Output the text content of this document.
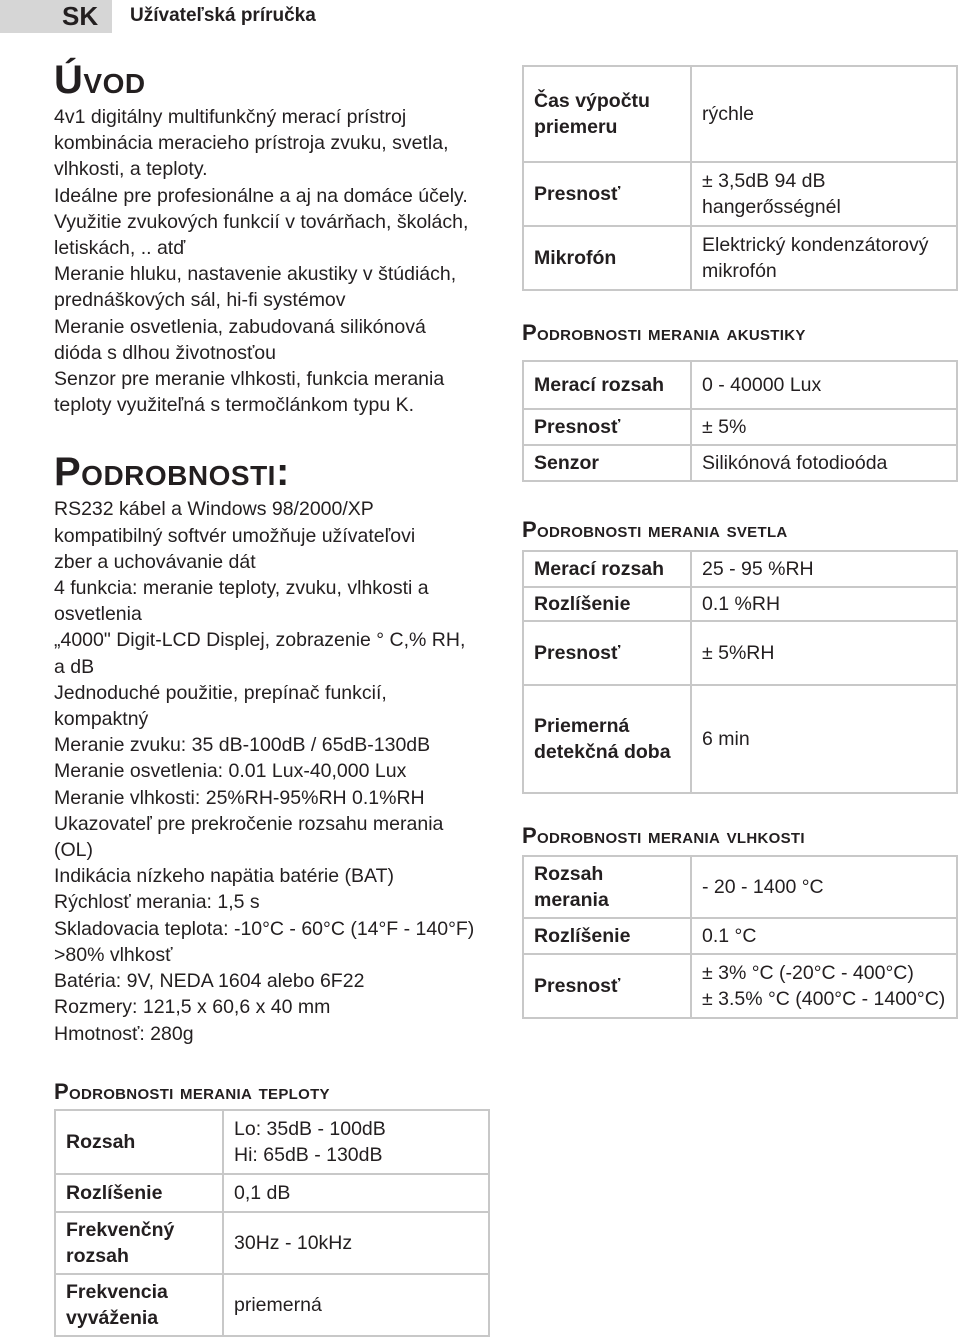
SK	Užívateľská príručka
Úvod
4v1 digitálny multifunkčný merací prístroj
kombinácia meracieho prístroja zvuku, svetla,
vlhkosti, a teploty.
Ideálne pre profesionálne a aj na domáce účely.
Využitie zvukových funkcií v továrňach, školách,
letiskách, .. atď
Meranie hluku, nastavenie akustiky v štúdiách,
prednáškových sál, hi-fi systémov
Meranie osvetlenia, zabudovaná silikónová
dióda s dlhou životnosťou
Senzor pre meranie vlhkosti, funkcia merania
teploty využiteľná s termočlánkom typu K.
Podrobnosti:
RS232 kábel a Windows 98/2000/XP
kompatibilný softvér umožňuje užívateľovi
zber a uchovávanie dát
4 funkcia: meranie teploty, zvuku, vlhkosti a
osvetlenia
„4000" Digit-LCD Displej, zobrazenie ° C,% RH,
a dB
Jednoduché použitie, prepínač funkcií,
kompaktný
Meranie zvuku: 35 dB-100dB / 65dB-130dB
Meranie osvetlenia: 0.01 Lux-40,000 Lux
Meranie vlhkosti: 25%RH-95%RH 0.1%RH
Ukazovateľ pre prekročenie rozsahu merania
(OL)
Indikácia nízkeho napätia batérie (BAT)
Rýchlosť merania: 1,5 s
Skladovacia teplota: -10°C - 60°C (14°F - 140°F)
>80% vlhkosť
Batéria: 9V, NEDA 1604 alebo 6F22
Rozmery: 121,5 x 60,6 x 40 mm
Hmotnosť: 280g
Čas výpočtu
priemeru	rýchle

Presnosť	± 3,5dB 94 dB
hangerősségnél

Mikrofón	Elektrický kondenzátorový
mikrofón
Podrobnosti merania akustiky
Merací rozsah	0 - 40000 Lux

Presnosť	± 5%

Senzor	Silikónová fotodioóda
Podrobnosti merania svetla
Merací rozsah	25 - 95 %RH

Rozlíšenie	0.1 %RH

Presnosť	± 5%RH

Priemerná
detekčná doba	6 min
Podrobnosti merania vlhkosti
Rozsah
merania	- 20 - 1400 °C

Rozlíšenie	0.1 °C

Presnosť	± 3% °C (-20°C - 400°C)
± 3.5% °C (400°C - 1400°C)
Podrobnosti merania teploty
Rozsah	Lo: 35dB - 100dB
Hi: 65dB - 130dB

Rozlíšenie	0,1 dB

Frekvenčný
rozsah	30Hz - 10kHz

Frekvencia
vyváženia	priemerná
